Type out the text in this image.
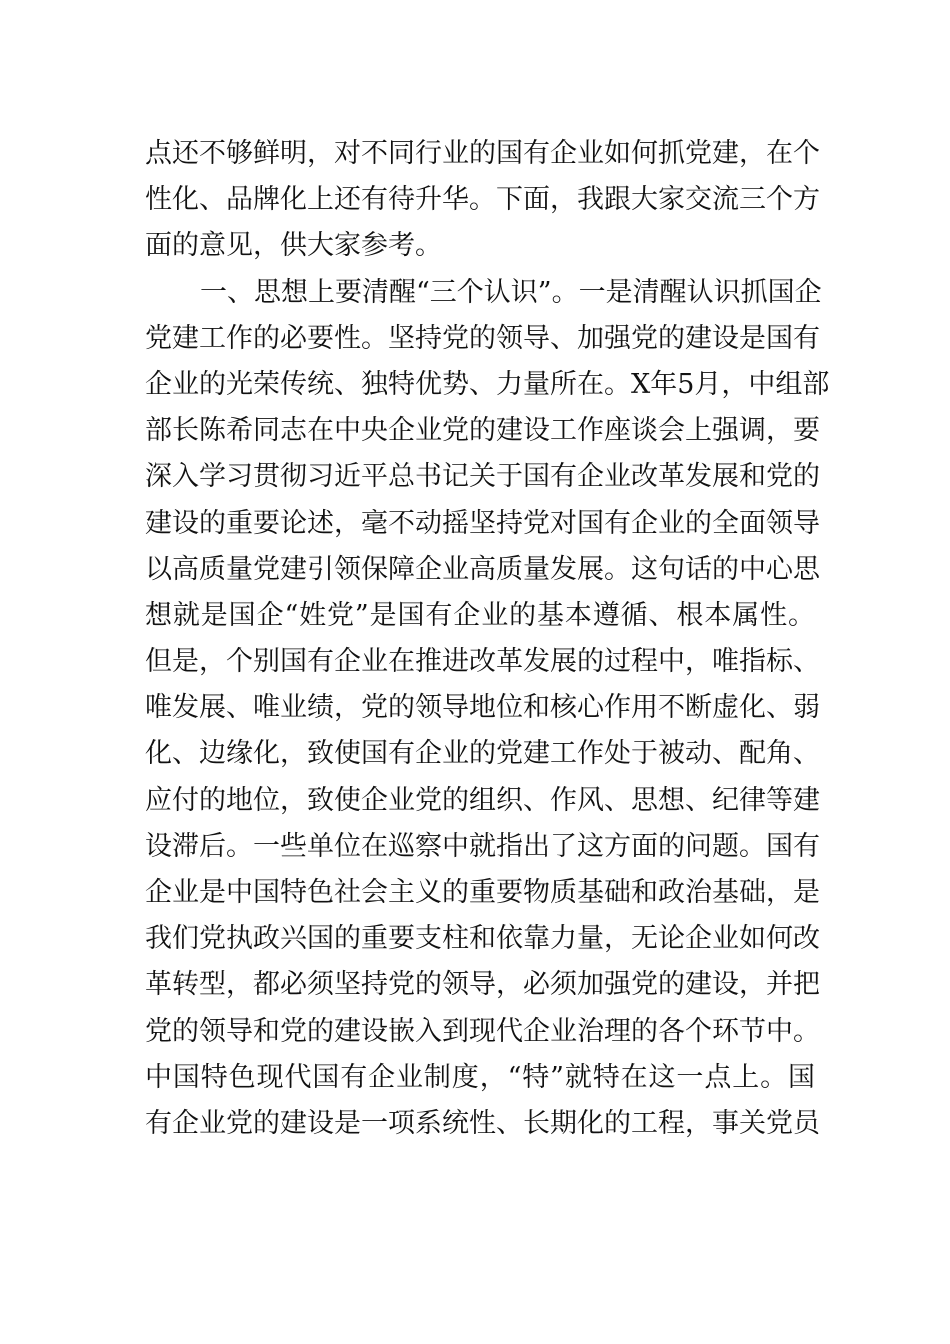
点还不够鲜明，对不同行业的国有企业如何抓党建，在个
性化、品牌化上还有待升华。下面，我跟大家交流三个方
面的意见，供大家参考。
一、思想上要清醒“三个认识”。一是清醒认识抓国企
党建工作的必要性。坚持党的领导、加强党的建设是国有
企业的光荣传统、独特优势、力量所在。X年5月，中组部
部长陈希同志在中央企业党的建设工作座谈会上强调，要
深入学习贯彻习近平总书记关于国有企业改革发展和党的
建设的重要论述，毫不动摇坚持党对国有企业的全面领导
以高质量党建引领保障企业高质量发展。这句话的中心思
想就是国企“姓党”是国有企业的基本遵循、根本属性。
但是，个别国有企业在推进改革发展的过程中，唯指标、
唯发展、唯业绩，党的领导地位和核心作用不断虚化、弱
化、边缘化，致使国有企业的党建工作处于被动、配角、
应付的地位，致使企业党的组织、作风、思想、纪律等建
设滞后。一些单位在巡察中就指出了这方面的问题。国有
企业是中国特色社会主义的重要物质基础和政治基础，是
我们党执政兴国的重要支柱和依靠力量，无论企业如何改
革转型，都必须坚持党的领导，必须加强党的建设，并把
党的领导和党的建设嵌入到现代企业治理的各个环节中。
中国特色现代国有企业制度，“特”就特在这一点上。国
有企业党的建设是一项系统性、长期化的工程，事关党员
